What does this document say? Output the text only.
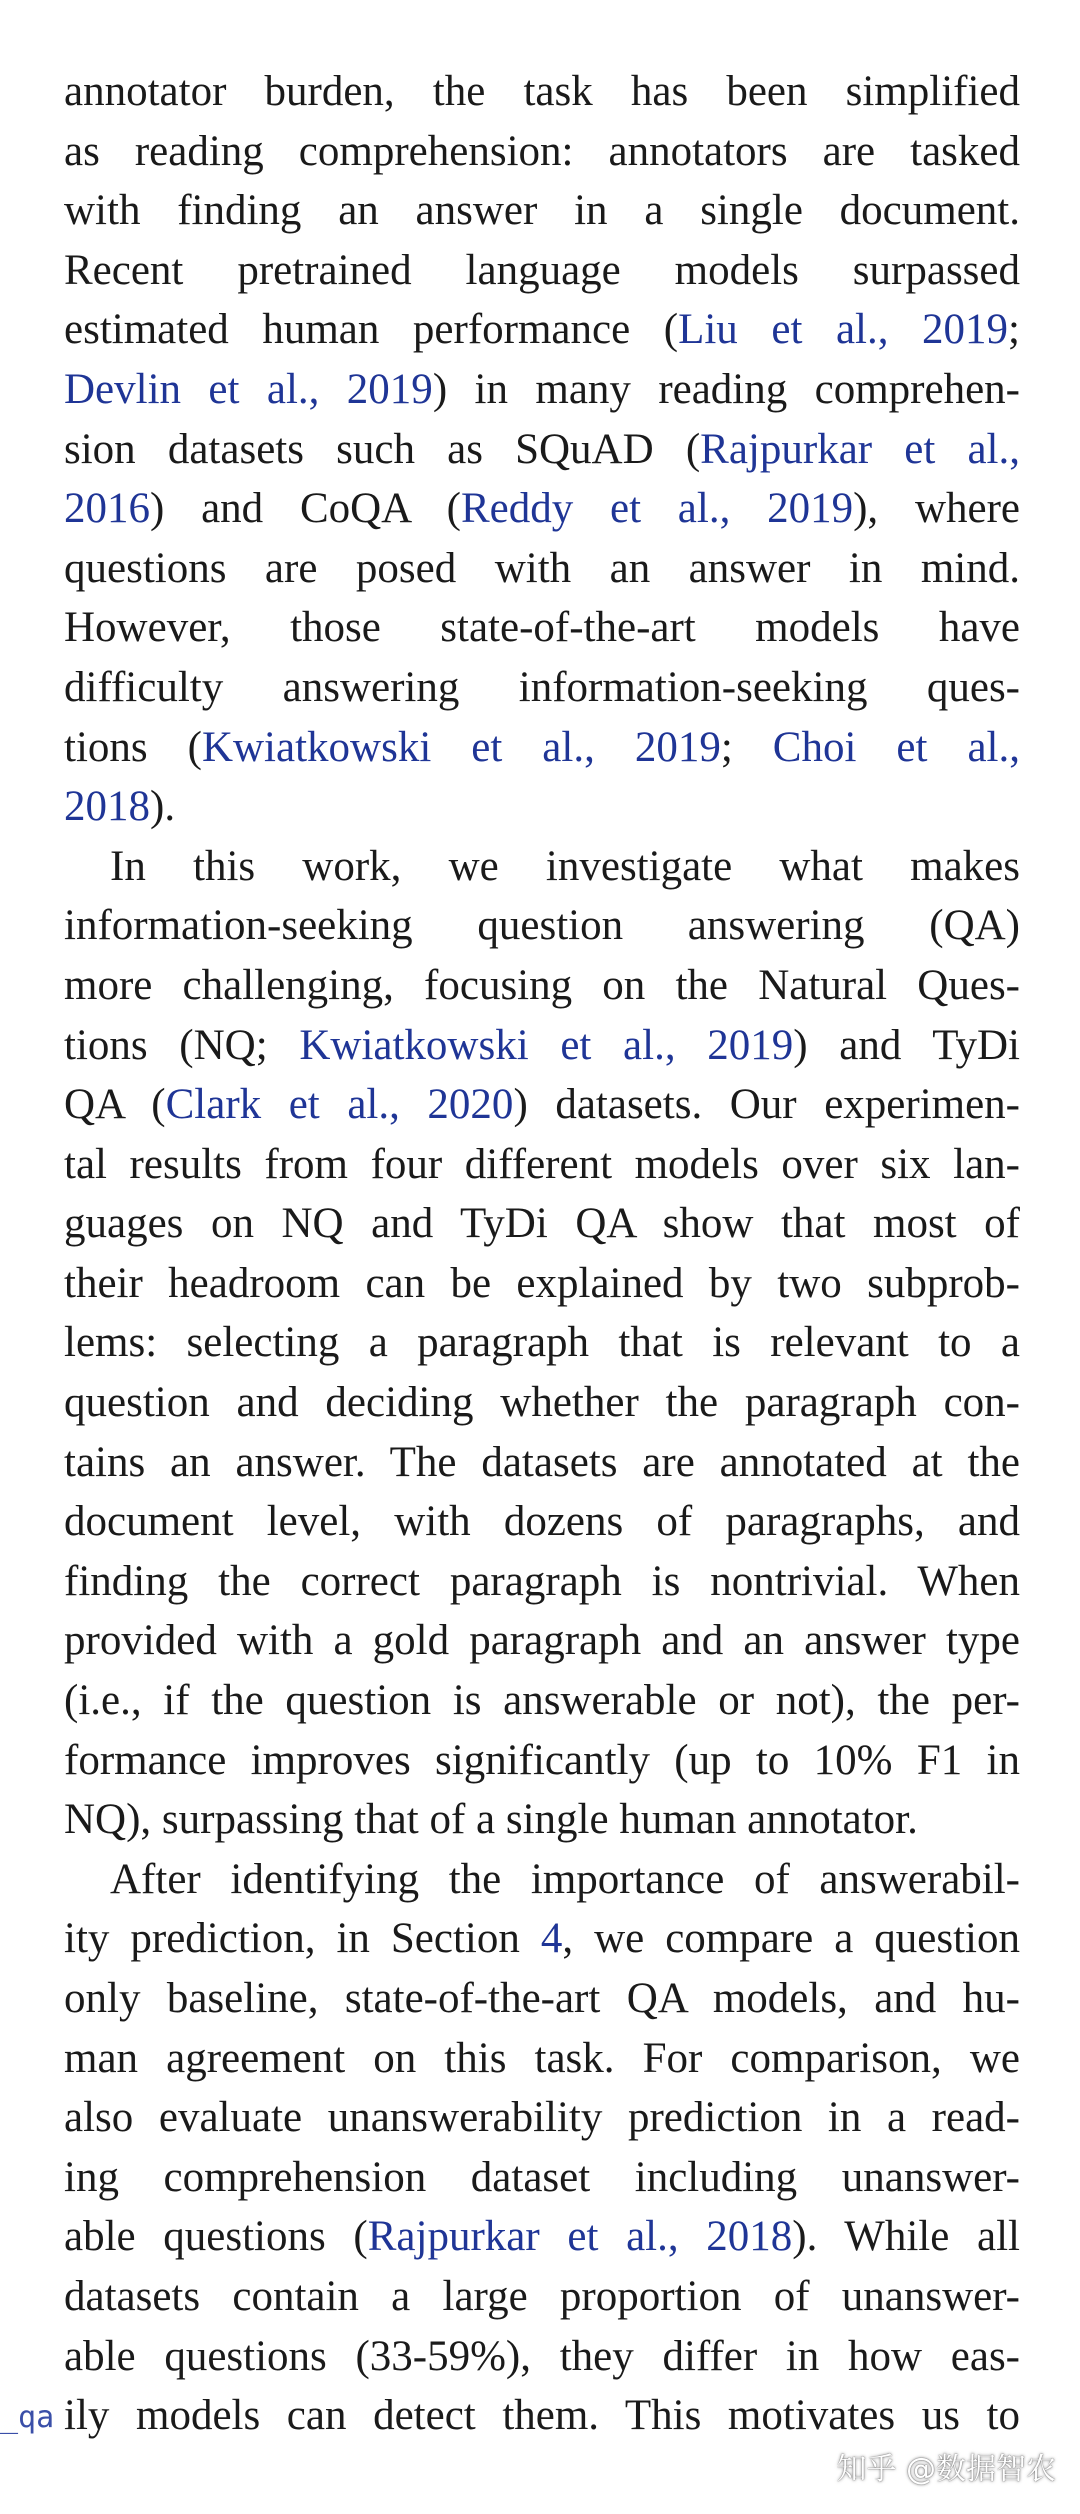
annotator burden, the task has been simplified
as reading comprehension: annotators are tasked
with finding an answer in a single document.
Recent pretrained language models surpassed
estimated human performance (Liu et al., 2019;
Devlin et al., 2019) in many reading comprehen-
sion datasets such as SQuAD (Rajpurkar et al.,
2016) and CoQA (Reddy et al., 2019), where
questions are posed with an answer in mind.
However, those state-of-the-art models have
difficulty answering information-seeking ques-
tions (Kwiatkowski et al., 2019; Choi et al.,
2018).
In this work, we investigate what makes
information-seeking question answering (QA)
more challenging, focusing on the Natural Ques-
tions (NQ; Kwiatkowski et al., 2019) and TyDi
QA (Clark et al., 2020) datasets. Our experimen-
tal results from four different models over six lan-
guages on NQ and TyDi QA show that most of
their headroom can be explained by two subprob-
lems: selecting a paragraph that is relevant to a
question and deciding whether the paragraph con-
tains an answer. The datasets are annotated at the
document level, with dozens of paragraphs, and
finding the correct paragraph is nontrivial. When
provided with a gold paragraph and an answer type
(i.e., if the question is answerable or not), the per-
formance improves significantly (up to 10% F1 in
NQ), surpassing that of a single human annotator.
After identifying the importance of answerabil-
ity prediction, in Section 4, we compare a question
only baseline, state-of-the-art QA models, and hu-
man agreement on this task. For comparison, we
also evaluate unanswerability prediction in a read-
ing comprehension dataset including unanswer-
able questions (Rajpurkar et al., 2018). While all
datasets contain a large proportion of unanswer-
able questions (33-59%), they differ in how eas-
ily models can detect them. This motivates us to
_qa
知乎 @数据智农
